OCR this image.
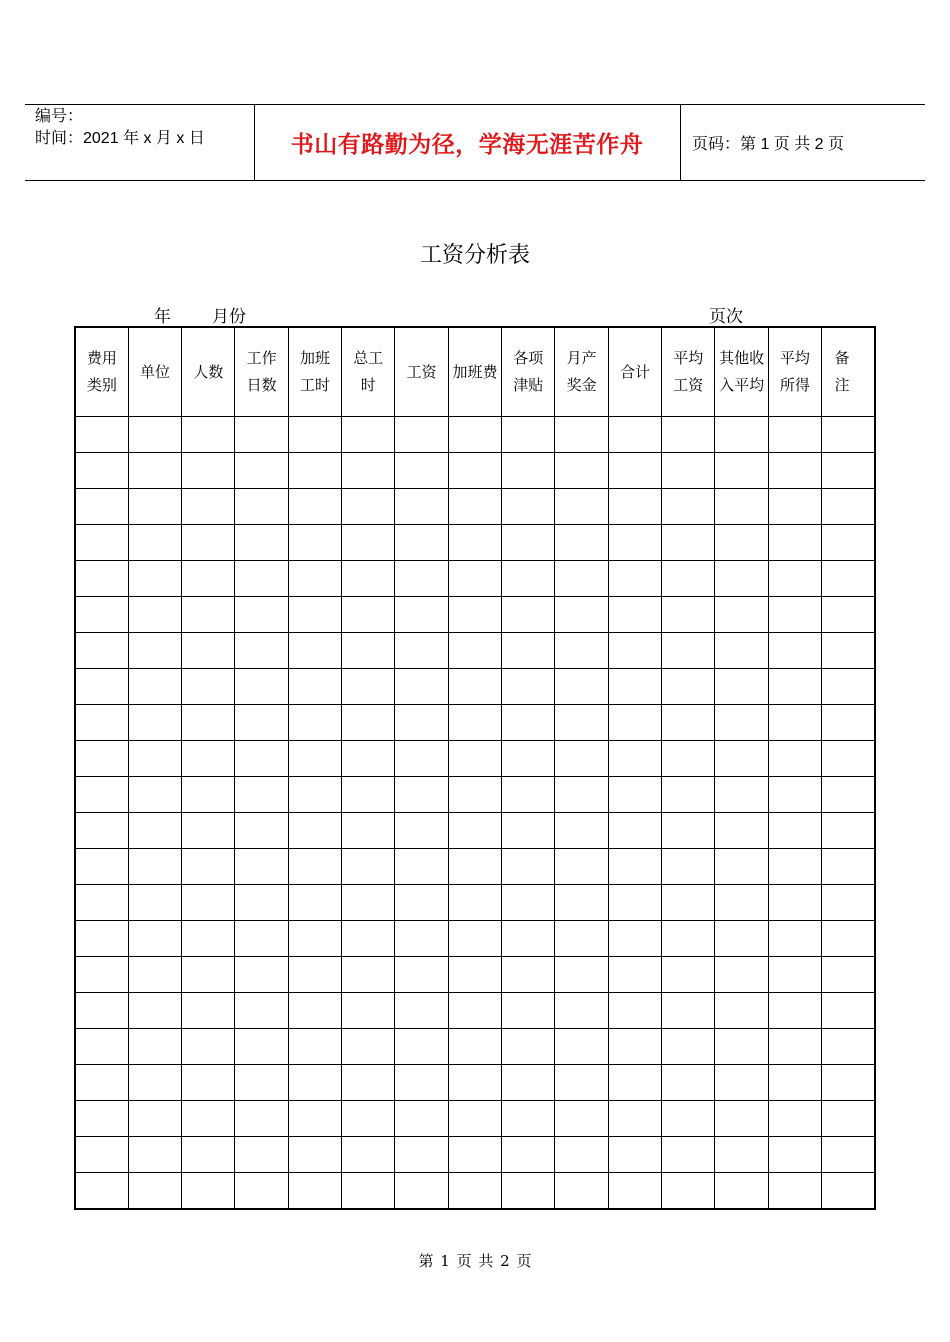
编号：
时间：2021 年 x 月 x 日	书山有路勤为径，学海无涯苦作舟	页码：第 1 页 共 2 页
工资分析表
年 月份	页次
费用类别	单位	人数	工作日数	加班工时	总工时	工资	加班费	各项津贴	月产奖金	合计	平均工资	其他收入平均	平均所得	备注

第 1 页 共 2 页
